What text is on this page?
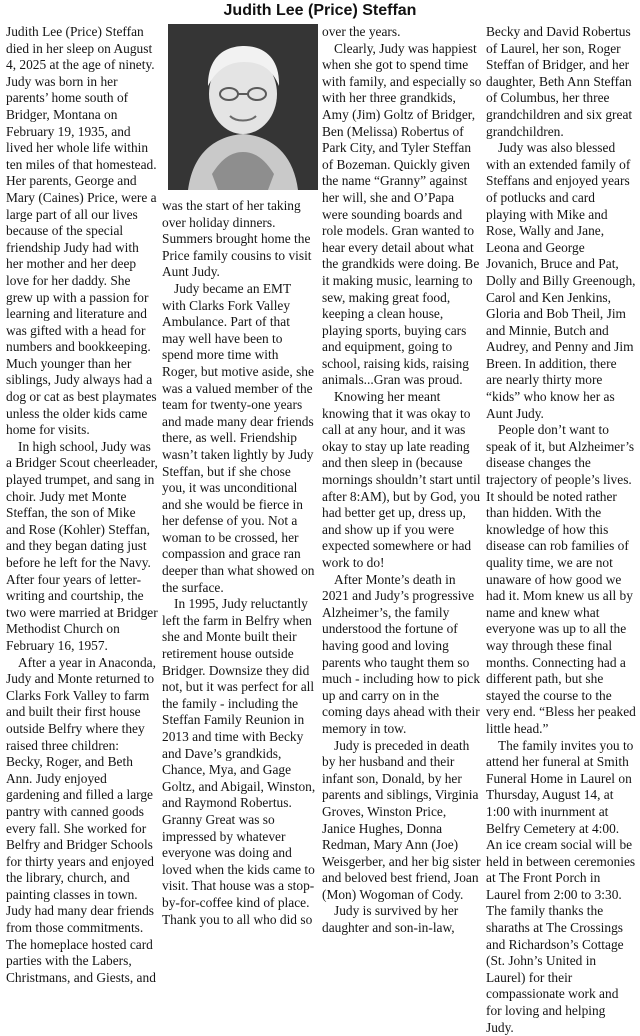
Judith Lee (Price) Steffan

Judith Lee (Price) Steffan died in her sleep on August 4, 2025 at the age of ninety. Judy was born in her parents’ home south of Bridger, Montana on February 19, 1935, and lived her whole life within ten miles of that homestead. Her parents, George and Mary (Caines) Price, were a large part of all our lives because of the special friendship Judy had with her mother and her deep love for her daddy. She grew up with a passion for learning and literature and was gifted with a head for numbers and bookkeeping. Much younger than her siblings, Judy always had a dog or cat as best playmates unless the older kids came home for visits.

In high school, Judy was a Bridger Scout cheerleader, played trumpet, and sang in choir. Judy met Monte Steffan, the son of Mike and Rose (Kohler) Steffan, and they began dating just before he left for the Navy. After four years of letter-writing and courtship, the two were married at Bridger Methodist Church on February 16, 1957.

After a year in Anaconda, Judy and Monte returned to Clarks Fork Valley to farm and built their first house outside Belfry where they raised three children: Becky, Roger, and Beth Ann. Judy enjoyed gardening and filled a large pantry with canned goods every fall. She worked for Belfry and Bridger Schools for thirty years and enjoyed the library, church, and painting classes in town. Judy had many dear friends from those commitments. The homeplace hosted card parties with the Labers, Christmans, and Giests, and

was the start of her taking over holiday dinners. Summers brought home the Price family cousins to visit Aunt Judy.

Judy became an EMT with Clarks Fork Valley Ambulance. Part of that may well have been to spend more time with Roger, but motive aside, she was a valued member of the team for twenty-one years and made many dear friends there, as well. Friendship wasn’t taken lightly by Judy Steffan, but if she chose you, it was unconditional and she would be fierce in her defense of you. Not a woman to be crossed, her compassion and grace ran deeper than what showed on the surface.

In 1995, Judy reluctantly left the farm in Belfry when she and Monte built their retirement house outside Bridger. Downsize they did not, but it was perfect for all the family - including the Steffan Family Reunion in 2013 and time with Becky and Dave’s grandkids, Chance, Mya, and Gage Goltz, and Abigail, Winston, and Raymond Robertus. Granny Great was so impressed by whatever everyone was doing and loved when the kids came to visit. That house was a stop-by-for-coffee kind of place. Thank you to all who did so

over the years.

Clearly, Judy was happiest when she got to spend time with family, and especially so with her three grandkids, Amy (Jim) Goltz of Bridger, Ben (Melissa) Robertus of Park City, and Tyler Steffan of Bozeman. Quickly given the name “Granny” against her will, she and O’Papa were sounding boards and role models. Gran wanted to hear every detail about what the grandkids were doing. Be it making music, learning to sew, making great food, keeping a clean house, playing sports, buying cars and equipment, going to school, raising kids, raising animals...Gran was proud.

Knowing her meant knowing that it was okay to call at any hour, and it was okay to stay up late reading and then sleep in (because mornings shouldn’t start until after 8:AM), but by God, you had better get up, dress up, and show up if you were expected somewhere or had work to do!

After Monte’s death in 2021 and Judy’s progressive Alzheimer’s, the family understood the fortune of having good and loving parents who taught them so much - including how to pick up and carry on in the coming days ahead with their memory in tow.

Judy is preceded in death by her husband and their infant son, Donald, by her parents and siblings, Virginia Groves, Winston Price, Janice Hughes, Donna Redman, Mary Ann (Joe) Weisgerber, and her big sister and beloved best friend, Joan (Mon) Wogoman of Cody.

Judy is survived by her daughter and son-in-law,

Becky and David Robertus of Laurel, her son, Roger Steffan of Bridger, and her daughter, Beth Ann Steffan of Columbus, her three grandchildren and six great grandchildren.

Judy was also blessed with an extended family of Steffans and enjoyed years of potlucks and card playing with Mike and Rose, Wally and Jane, Leona and George Jovanich, Bruce and Pat, Dolly and Billy Greenough, Carol and Ken Jenkins, Gloria and Bob Theil, Jim and Minnie, Butch and Audrey, and Penny and Jim Breen. In addition, there are nearly thirty more “kids” who know her as Aunt Judy.

People don’t want to speak of it, but Alzheimer’s disease changes the trajectory of people’s lives. It should be noted rather than hidden. With the knowledge of how this disease can rob families of quality time, we are not unaware of how good we had it. Mom knew us all by name and knew what everyone was up to all the way through these final months. Connecting had a different path, but she stayed the course to the very end. “Bless her peaked little head.”

The family invites you to attend her funeral at Smith Funeral Home in Laurel on Thursday, August 14, at 1:00 with inurnment at Belfry Cemetery at 4:00. An ice cream social will be held in between ceremonies at The Front Porch in Laurel from 2:00 to 3:30. The family thanks the sharaths at The Crossings and Richardson’s Cottage (St. John’s United in Laurel) for their compassionate work and for loving and helping Judy.
